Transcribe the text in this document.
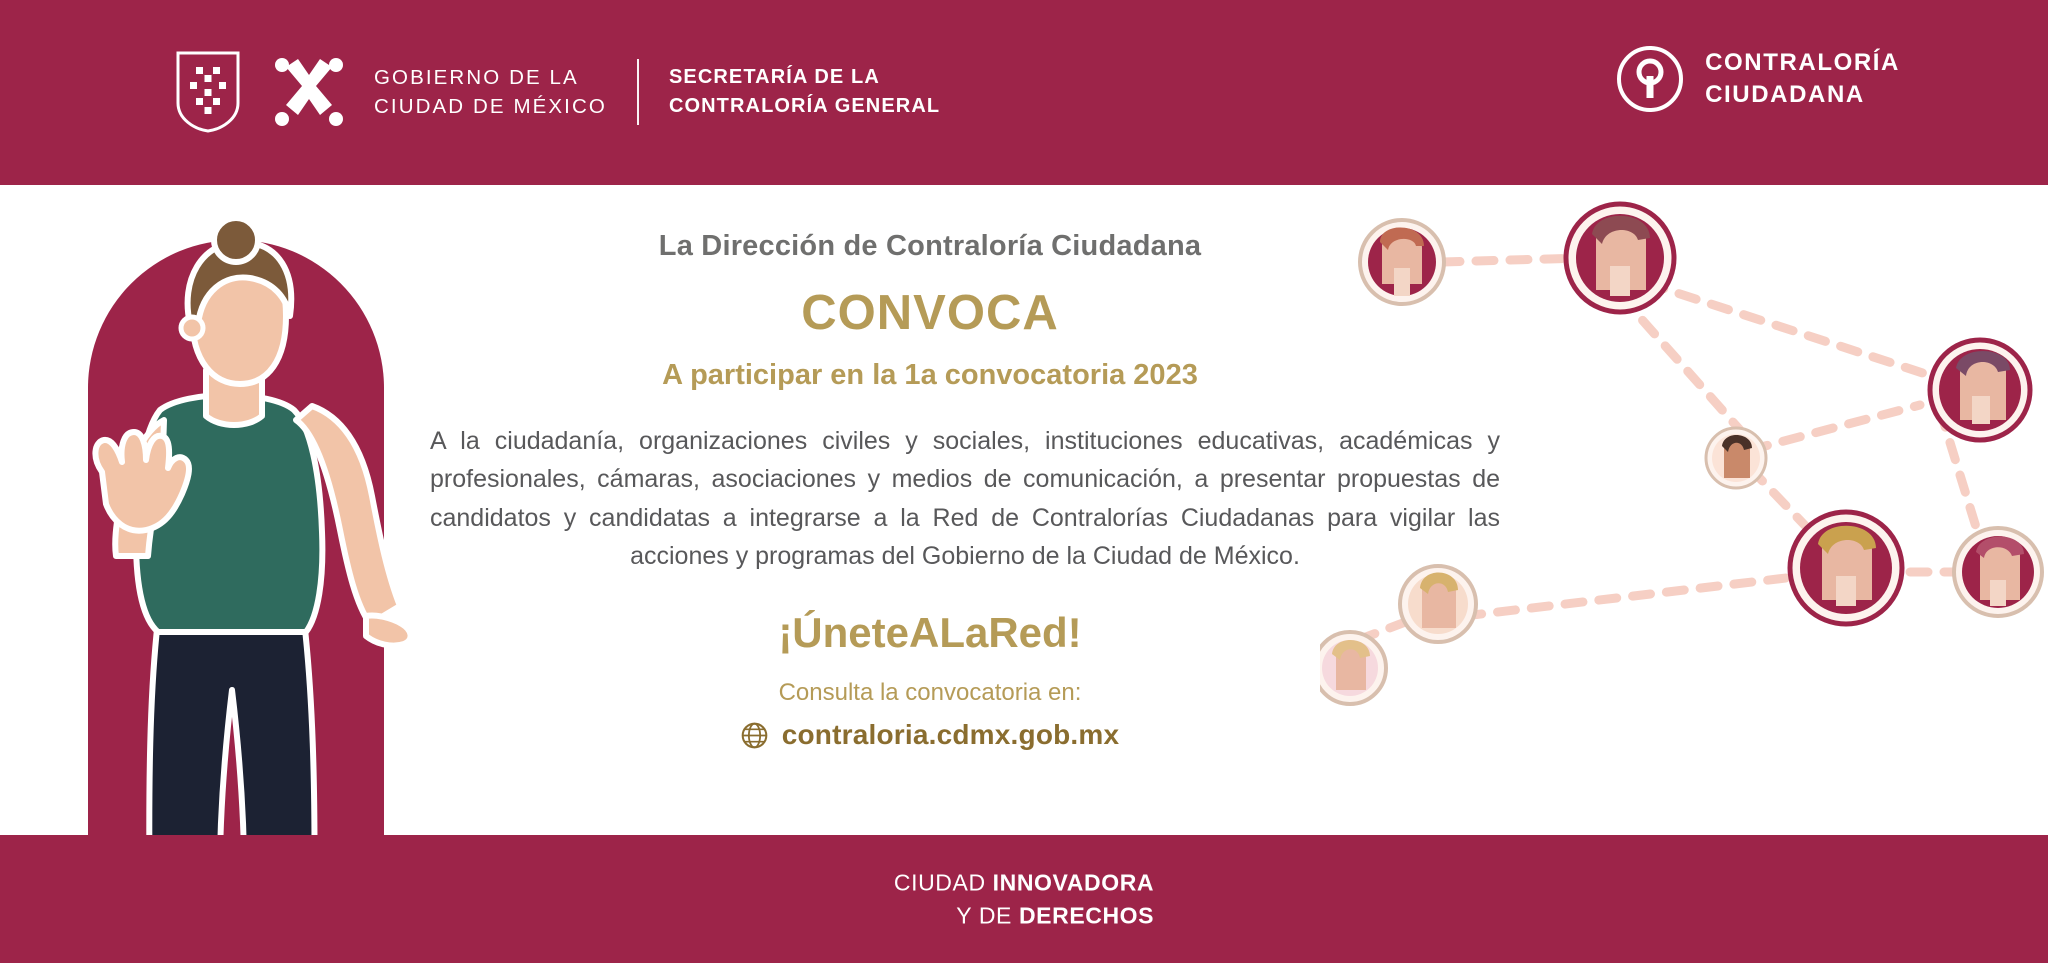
GOBIERNO DE LA
CIUDAD DE MÉXICO
SECRETARÍA DE LA
CONTRALORÍA GENERAL
CONTRALORÍA
CIUDADANA
La Dirección de Contraloría Ciudadana
CONVOCA
A participar en la 1a convocatoria 2023

A la ciudadanía, organizaciones civiles y sociales, instituciones educativas, académicas y profesionales, cámaras, asociaciones y medios de comunicación, a presentar propuestas de candidatos y candidatas a integrarse a la Red de Contralorías Ciudadanas para vigilar las acciones y programas del Gobierno de la Ciudad de México.

¡ÚneteALaRed!
Consulta la convocatoria en:
contraloria.cdmx.gob.mx
CIUDAD INNOVADORA
Y DE DERECHOS
